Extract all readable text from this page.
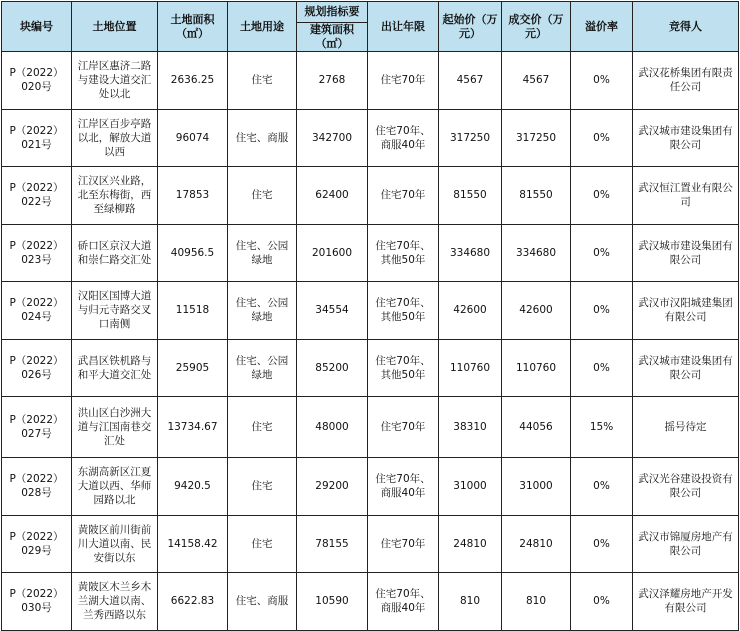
块编号	土地位置	土地面积（㎡）	土地用途	规划指标要	出让年限	起始价（万元）	成交价（万元）	溢价率	竞得人
				建筑面积（㎡）					
P（2022）020号	江岸区惠济二路与建设大道交汇处以北	2636.25	住宅	2768	住宅70年	4567	4567	0%	武汉花桥集团有限责任公司
P（2022）021号	江岸区百步亭路以北，解放大道以西	96074	住宅、商服	342700	住宅70年、商服40年	317250	317250	0%	武汉城市建设集团有限公司
P（2022）022号	江汉区兴业路，北至东梅街，西至绿柳路	17853	住宅	62400	住宅70年	81550	81550	0%	武汉恒江置业有限公司
P（2022）023号	硚口区京汉大道和崇仁路交汇处	40956.5	住宅、公园绿地	201600	住宅70年、其他50年	334680	334680	0%	武汉城市建设集团有限公司
P（2022）024号	汉阳区国博大道与归元寺路交叉口南侧	11518	住宅、公园绿地	34554	住宅70年、其他50年	42600	42600	0%	武汉市汉阳城建集团有限公司
P（2022）026号	武昌区铁机路与和平大道交汇处	25905	住宅、公园绿地	85200	住宅70年、其他50年	110760	110760	0%	武汉城市建设集团有限公司
P（2022）027号	洪山区白沙洲大道与江国南巷交汇处	13734.67	住宅	48000	住宅70年	38310	44056	15%	摇号待定
P（2022）028号	东湖高新区江夏大道以西、华师园路以北	9420.5	住宅	29200	住宅70年、商服40年	31000	31000	0%	武汉光谷建设投资有限公司
P（2022）029号	黄陂区前川街前川大道以南、民安街以东	14158.42	住宅	78155	住宅70年	24810	24810	0%	武汉市锦厦房地产有限公司
P（2022）030号	黄陂区木兰乡木兰湖大道以南、兰秀西路以东	6622.83	住宅、商服	10590	住宅70年、商服40年	810	810	0%	武汉泽耀房地产开发有限公司
